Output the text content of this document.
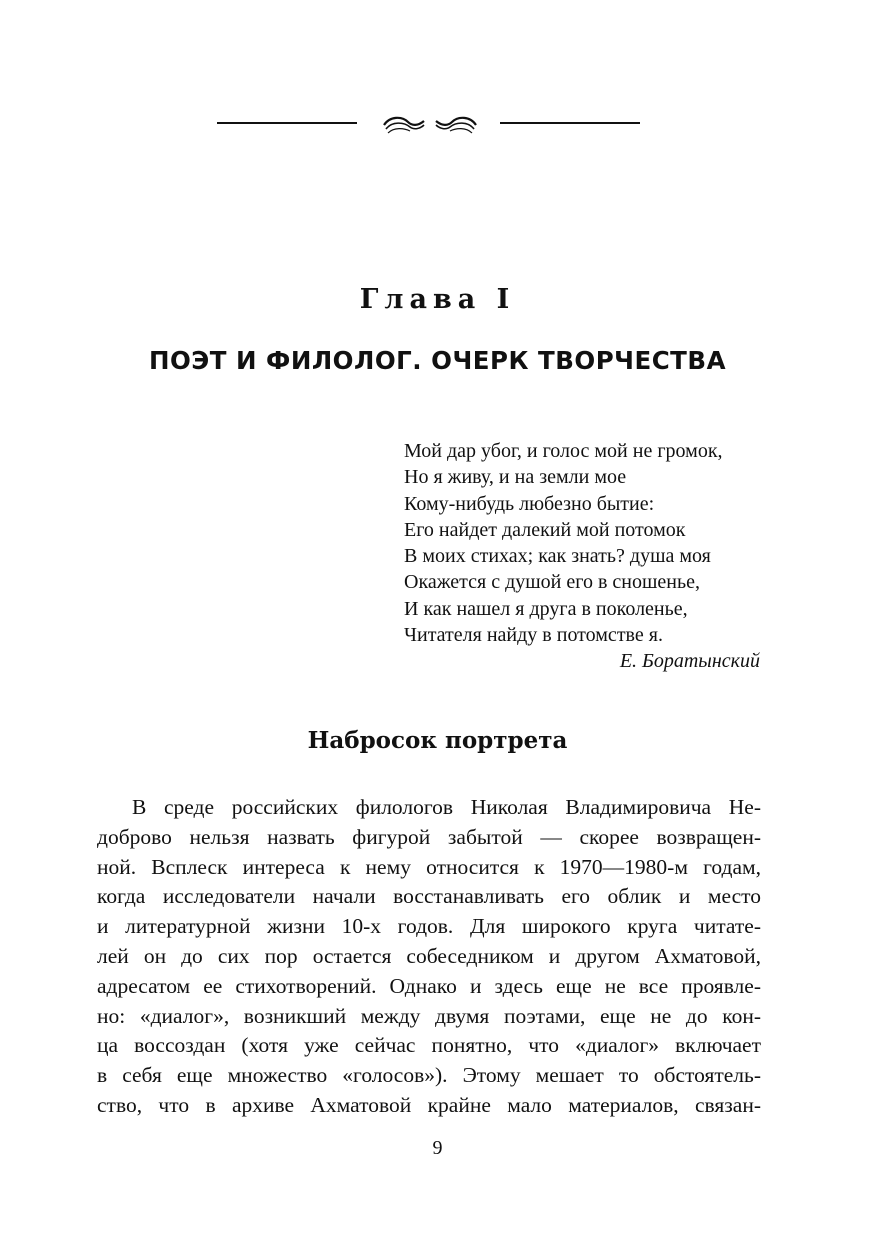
Глава I
ПОЭТ И ФИЛОЛОГ. ОЧЕРК ТВОРЧЕСТВА
Мой дар убог, и голос мой не громок,
Но я живу, и на земли мое
Кому-нибудь любезно бытие:
Его найдет далекий мой потомок
В моих стихах; как знать? душа моя
Окажется с душой его в сношенье,
И как нашел я друга в поколенье,
Читателя найду в потомстве я.
Е. Боратынский
Набросок портрета
В среде российских филологов Николая Владимировича Не-
доброво нельзя назвать фигурой забытой — скорее возвращен-
ной. Всплеск интереса к нему относится к 1970—1980-м годам,
когда исследователи начали восстанавливать его облик и место
и литературной жизни 10-х годов. Для широкого круга читате-
лей он до сих пор остается собеседником и другом Ахматовой,
адресатом ее стихотворений. Однако и здесь еще не все проявле-
но: «диалог», возникший между двумя поэтами, еще не до кон-
ца воссоздан (хотя уже сейчас понятно, что «диалог» включает
в себя еще множество «голосов»). Этому мешает то обстоятель-
ство, что в архиве Ахматовой крайне мало материалов, связан-
9
